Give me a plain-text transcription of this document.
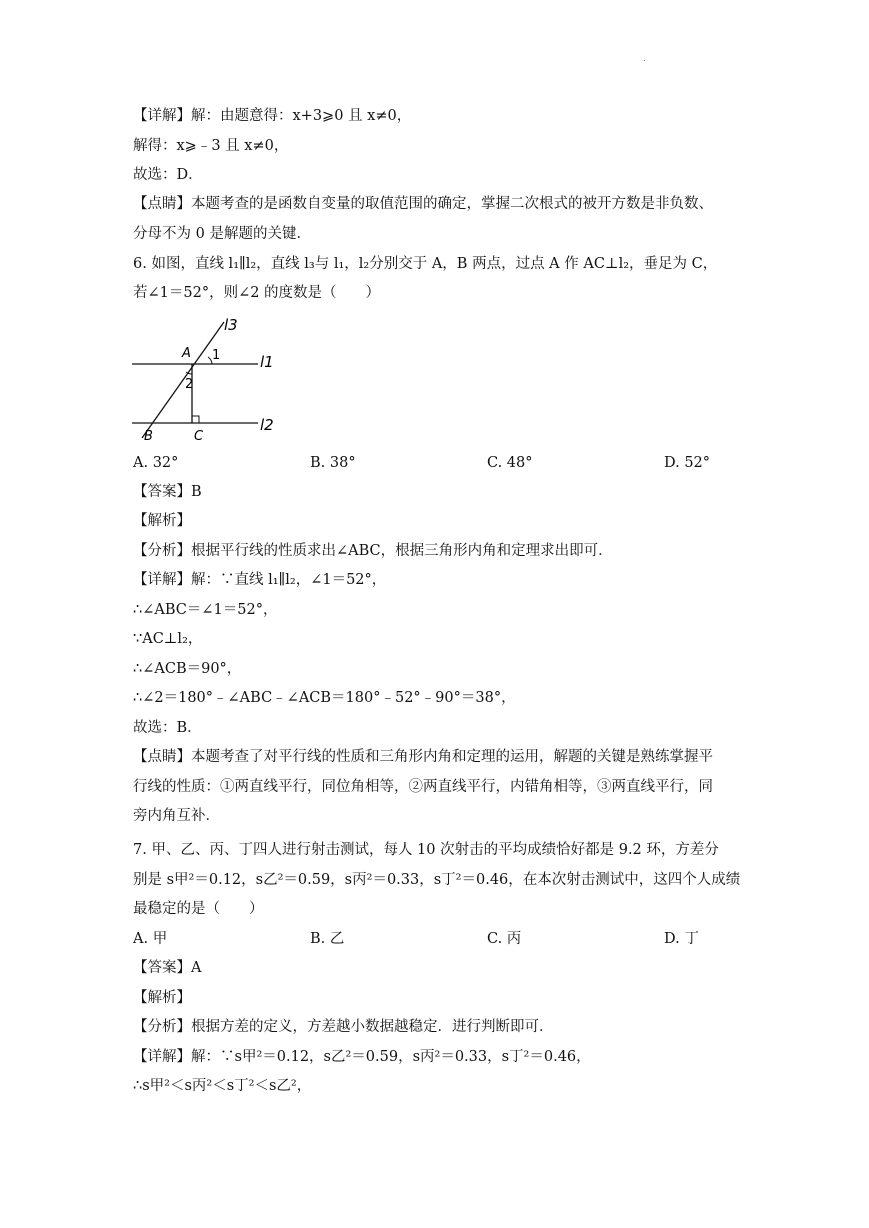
.
【详解】解：由题意得：x+3⩾0 且 x≠0，
解得：x⩾﹣3 且 x≠0，
故选：D．
【点睛】本题考查的是函数自变量的取值范围的确定，掌握二次根式的被开方数是非负数、
分母不为 0 是解题的关键．
6. 如图，直线 l₁∥l₂，直线 l₃与 l₁，l₂分别交于 A，B 两点，过点 A 作 AC⊥l₂，垂足为 C，
若∠1＝52°，则∠2 的度数是（　　）
l3
l1
l2
A
B	C
1
2
A. 32°	B. 38°	C. 48°	D. 52°
【答案】B
【解析】
【分析】根据平行线的性质求出∠ABC，根据三角形内角和定理求出即可．
【详解】解：∵直线 l₁∥l₂，∠1＝52°，
∴∠ABC＝∠1＝52°，
∵AC⊥l₂，
∴∠ACB＝90°，
∴∠2＝180°﹣∠ABC﹣∠ACB＝180°﹣52°﹣90°＝38°，
故选：B．
【点睛】本题考查了对平行线的性质和三角形内角和定理的运用，解题的关键是熟练掌握平
行线的性质：①两直线平行，同位角相等，②两直线平行，内错角相等，③两直线平行，同
旁内角互补．
7. 甲、乙、丙、丁四人进行射击测试，每人 10 次射击的平均成绩恰好都是 9.2 环，方差分
别是 s甲²＝0.12，s乙²＝0.59，s丙²＝0.33，s丁²＝0.46，在本次射击测试中，这四个人成绩
最稳定的是（　　）
A. 甲	B. 乙	C. 丙	D. 丁
【答案】A
【解析】
【分析】根据方差的定义，方差越小数据越稳定．进行判断即可．
【详解】解：∵s甲²＝0.12，s乙²＝0.59，s丙²＝0.33，s丁²＝0.46，
∴s甲²＜s丙²＜s丁²＜s乙²，
